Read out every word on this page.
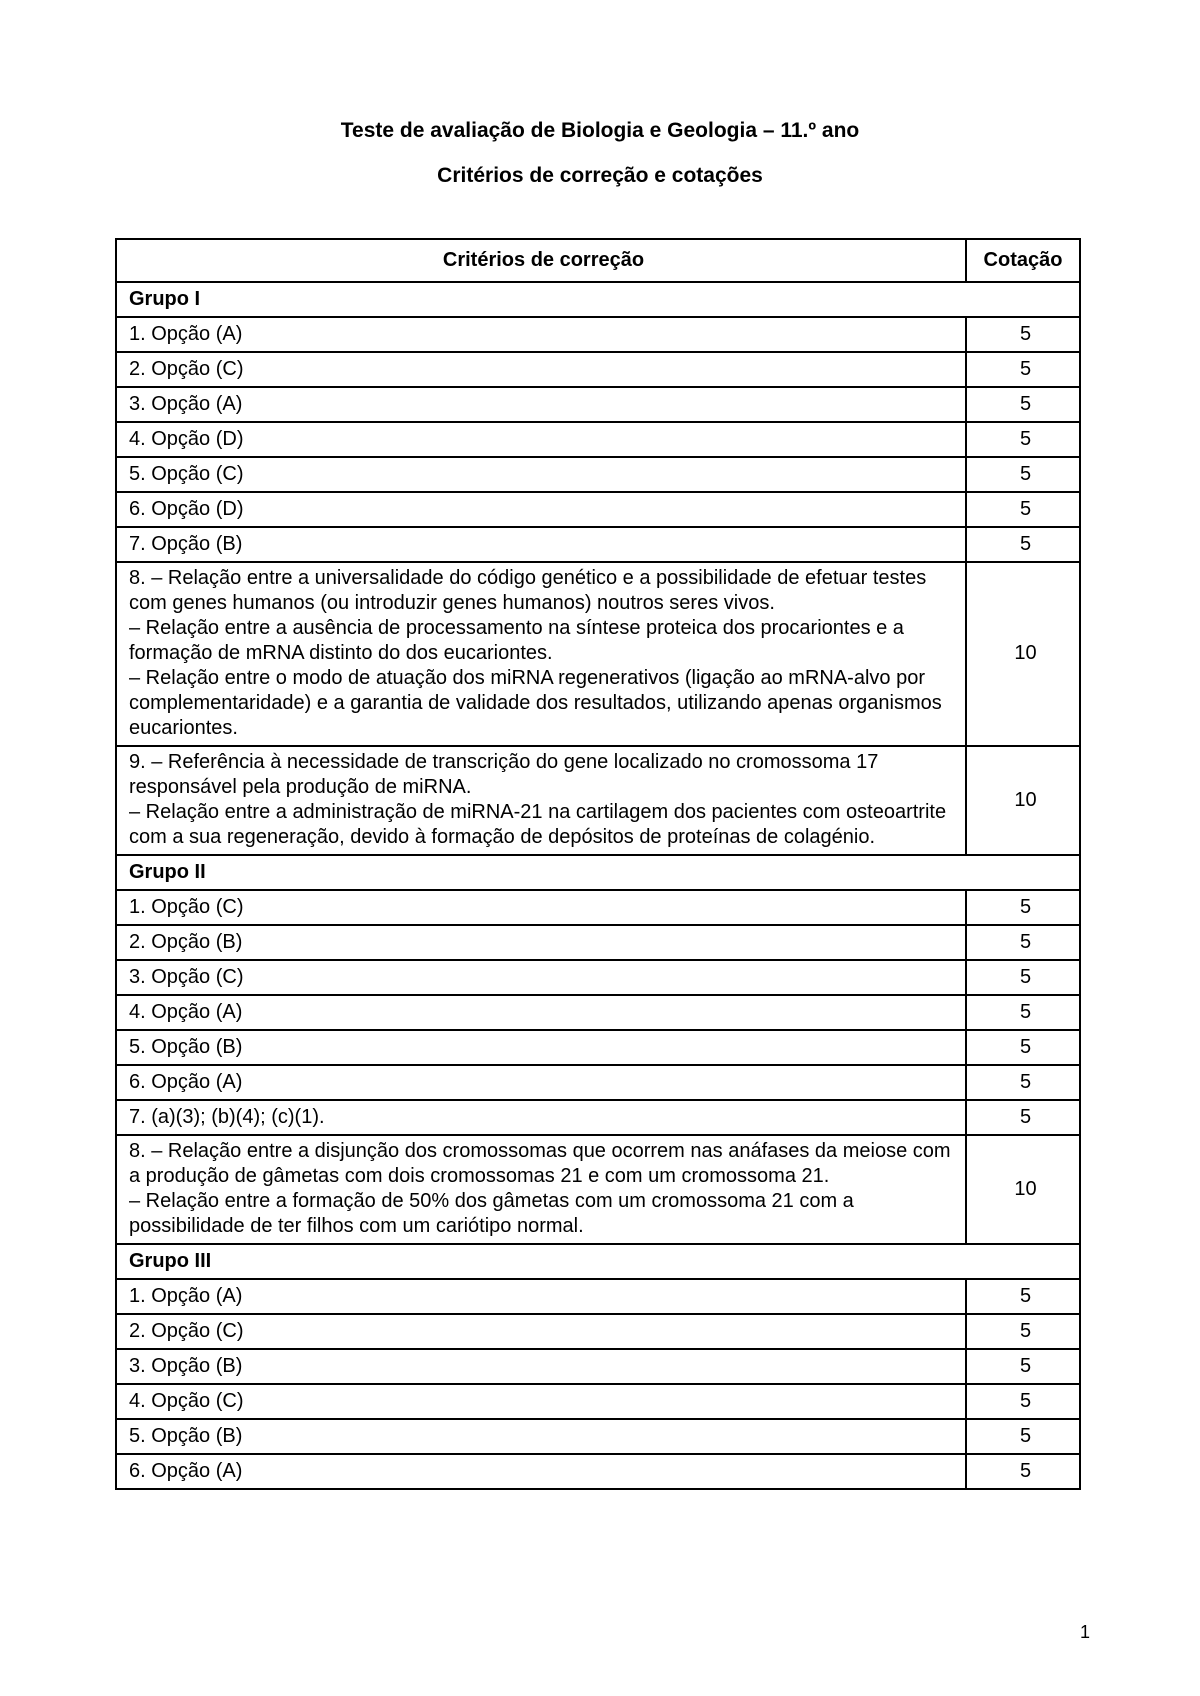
Teste de avaliação de Biologia e Geologia – 11.º ano
Critérios de correção e cotações
Critérios de correção	Cotação
Grupo I	

1. Opção (A)	5

2. Opção (C)	5

3. Opção (A)	5

4. Opção (D)	5

5. Opção (C)	5

6. Opção (D)	5

7. Opção (B)	5

8. – Relação entre a universalidade do código genético e a possibilidade de efetuar testes com genes humanos (ou introduzir genes humanos) noutros seres vivos.
– Relação entre a ausência de processamento na síntese proteica dos procariontes e a formação de mRNA distinto do dos eucariontes.
– Relação entre o modo de atuação dos miRNA regenerativos (ligação ao mRNA-alvo por complementaridade) e a garantia de validade dos resultados, utilizando apenas organismos eucariontes.	10

9. – Referência à necessidade de transcrição do gene localizado no cromossoma 17 responsável pela produção de miRNA.
– Relação entre a administração de miRNA-21 na cartilagem dos pacientes com osteoartrite com a sua regeneração, devido à formação de depósitos de proteínas de colagénio.	10
Grupo II	

1. Opção (C)	5

2. Opção (B)	5

3. Opção (C)	5

4. Opção (A)	5

5. Opção (B)	5

6. Opção (A)	5

7. (a)(3); (b)(4); (c)(1).	5

8. – Relação entre a disjunção dos cromossomas que ocorrem nas anáfases da meiose com a produção de gâmetas com dois cromossomas 21 e com um cromossoma 21.
– Relação entre a formação de 50% dos gâmetas com um cromossoma 21 com a possibilidade de ter filhos com um cariótipo normal.	10
Grupo III	

1. Opção (A)	5

2. Opção (C)	5

3. Opção (B)	5

4. Opção (C)	5

5. Opção (B)	5

6. Opção (A)	5
1
